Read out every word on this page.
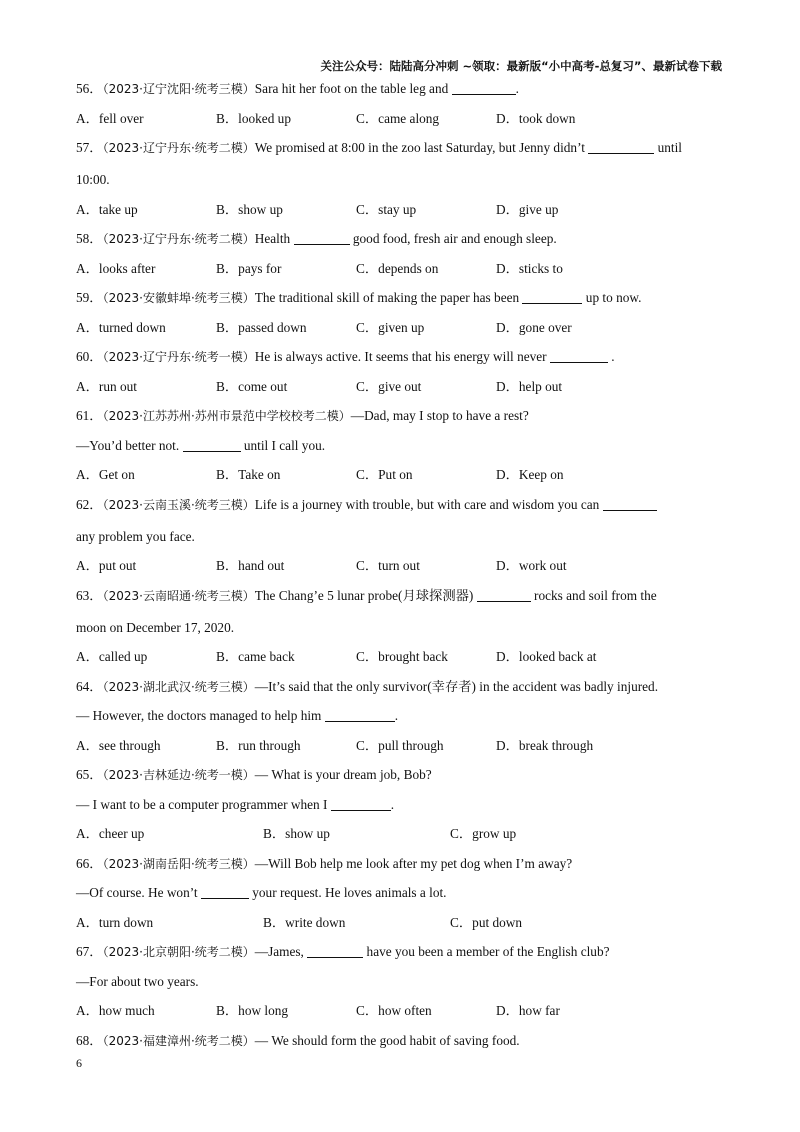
关注公众号：陆陆高分冲刺 ~领取：最新版“小中高考-总复习”、最新试卷下载
56．（2023·辽宁沈阳·统考三模）Sara hit her foot on the table leg and	.
A．fell over	B．looked up	C．came along	D．took down
57．（2023·辽宁丹东·统考二模）We promised at 8:00 in the zoo last Saturday, but Jenny didn’t	until
10:00.
A．take up	B．show up	C．stay up	D．give up
58．（2023·辽宁丹东·统考二模）Health	good food, fresh air and enough sleep.
A．looks after	B．pays for	C．depends on	D．sticks to
59．（2023·安徽蚌埠·统考三模）The traditional skill of making the paper has been	up to now.
A．turned down	B．passed down	C．given up	D．gone over
60．（2023·辽宁丹东·统考一模）He is always active. It seems that his energy will never	.
A．run out	B．come out	C．give out	D．help out
61．（2023·江苏苏州·苏州市景范中学校校考二模）—Dad, may I stop to have a rest?
—You’d better not.	until I call you.
A．Get on	B．Take on	C．Put on	D．Keep on
62．（2023·云南玉溪·统考三模）Life is a journey with trouble, but with care and wisdom you can
any problem you face.
A．put out	B．hand out	C．turn out	D．work out
63．（2023·云南昭通·统考三模）The Chang’e 5 lunar probe(月球探测器)	rocks and soil from the
moon on December 17, 2020.
A．called up	B．came back	C．brought back	D．looked back at
64．（2023·湖北武汉·统考三模）—It’s said that the only survivor(幸存者) in the accident was badly injured.
— However, the doctors managed to help him	.
A．see through	B．run through	C．pull through	D．break through
65．（2023·吉林延边·统考一模）— What is your dream job, Bob?
— I want to be a computer programmer when I	.
A．cheer up	B．show up	C．grow up
66．（2023·湖南岳阳·统考三模）—Will Bob help me look after my pet dog when I’m away?
—Of course. He won’t	your request. He loves animals a lot.
A．turn down	B．write down	C．put down
67．（2023·北京朝阳·统考二模）—James,	have you been a member of the English club?
—For about two years.
A．how much	B．how long	C．how often	D．how far
68．（2023·福建漳州·统考二模）— We should form the good habit of saving food.
6
